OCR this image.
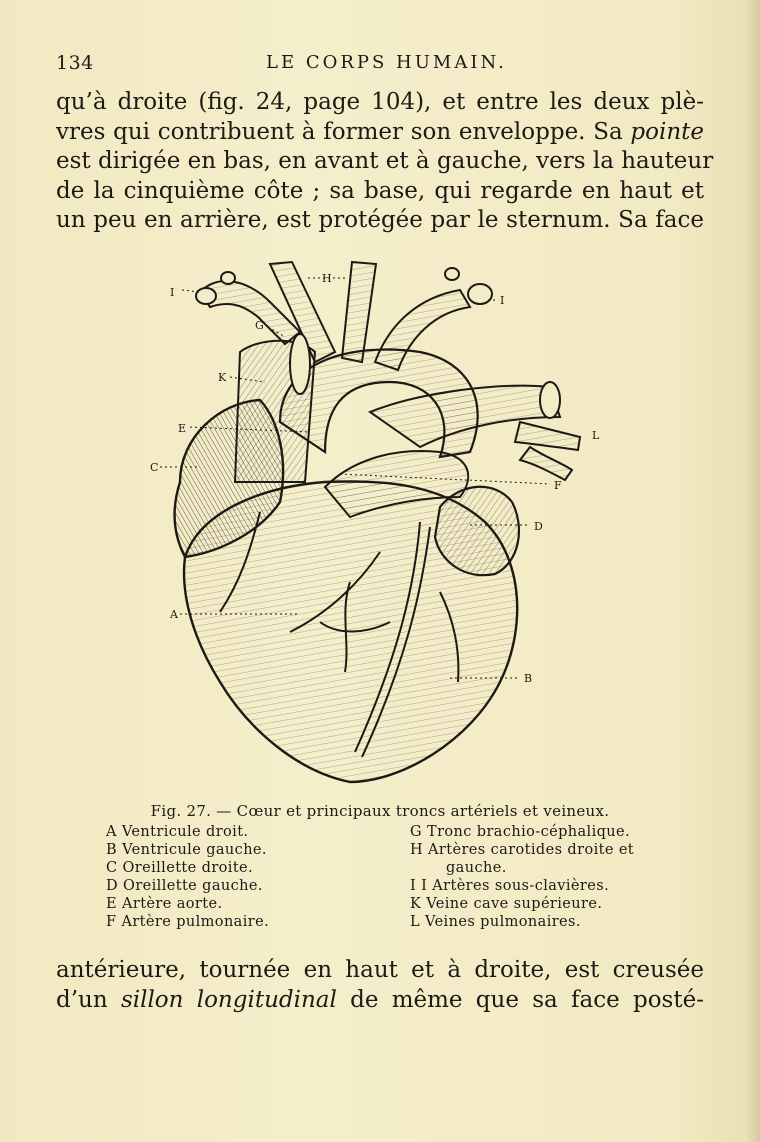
134	LE CORPS HUMAIN.
qu’à droite (fig. 24, page 104), et entre les deux plè-
vres qui contribuent à former son enveloppe. Sa pointe
est dirigée en bas, en avant et à gauche, vers la hauteur
de la cinquième côte ; sa base, qui regarde en haut et
un peu en arrière, est protégée par le sternum. Sa face
I
H
I
G
K
E
L
C
F
D
A
B
Fig. 27. — Cœur et principaux troncs artériels et veineux.
A Ventricule droit.
B Ventricule gauche.
C Oreillette droite.
D Oreillette gauche.
E Artère aorte.
F Artère pulmonaire.
G Tronc brachio-céphalique.
H Artères carotides droite et
gauche.
I I Artères sous-clavières.
K Veine cave supérieure.
L Veines pulmonaires.
antérieure, tournée en haut et à droite, est creusée
d’un sillon longitudinal de même que sa face posté-
